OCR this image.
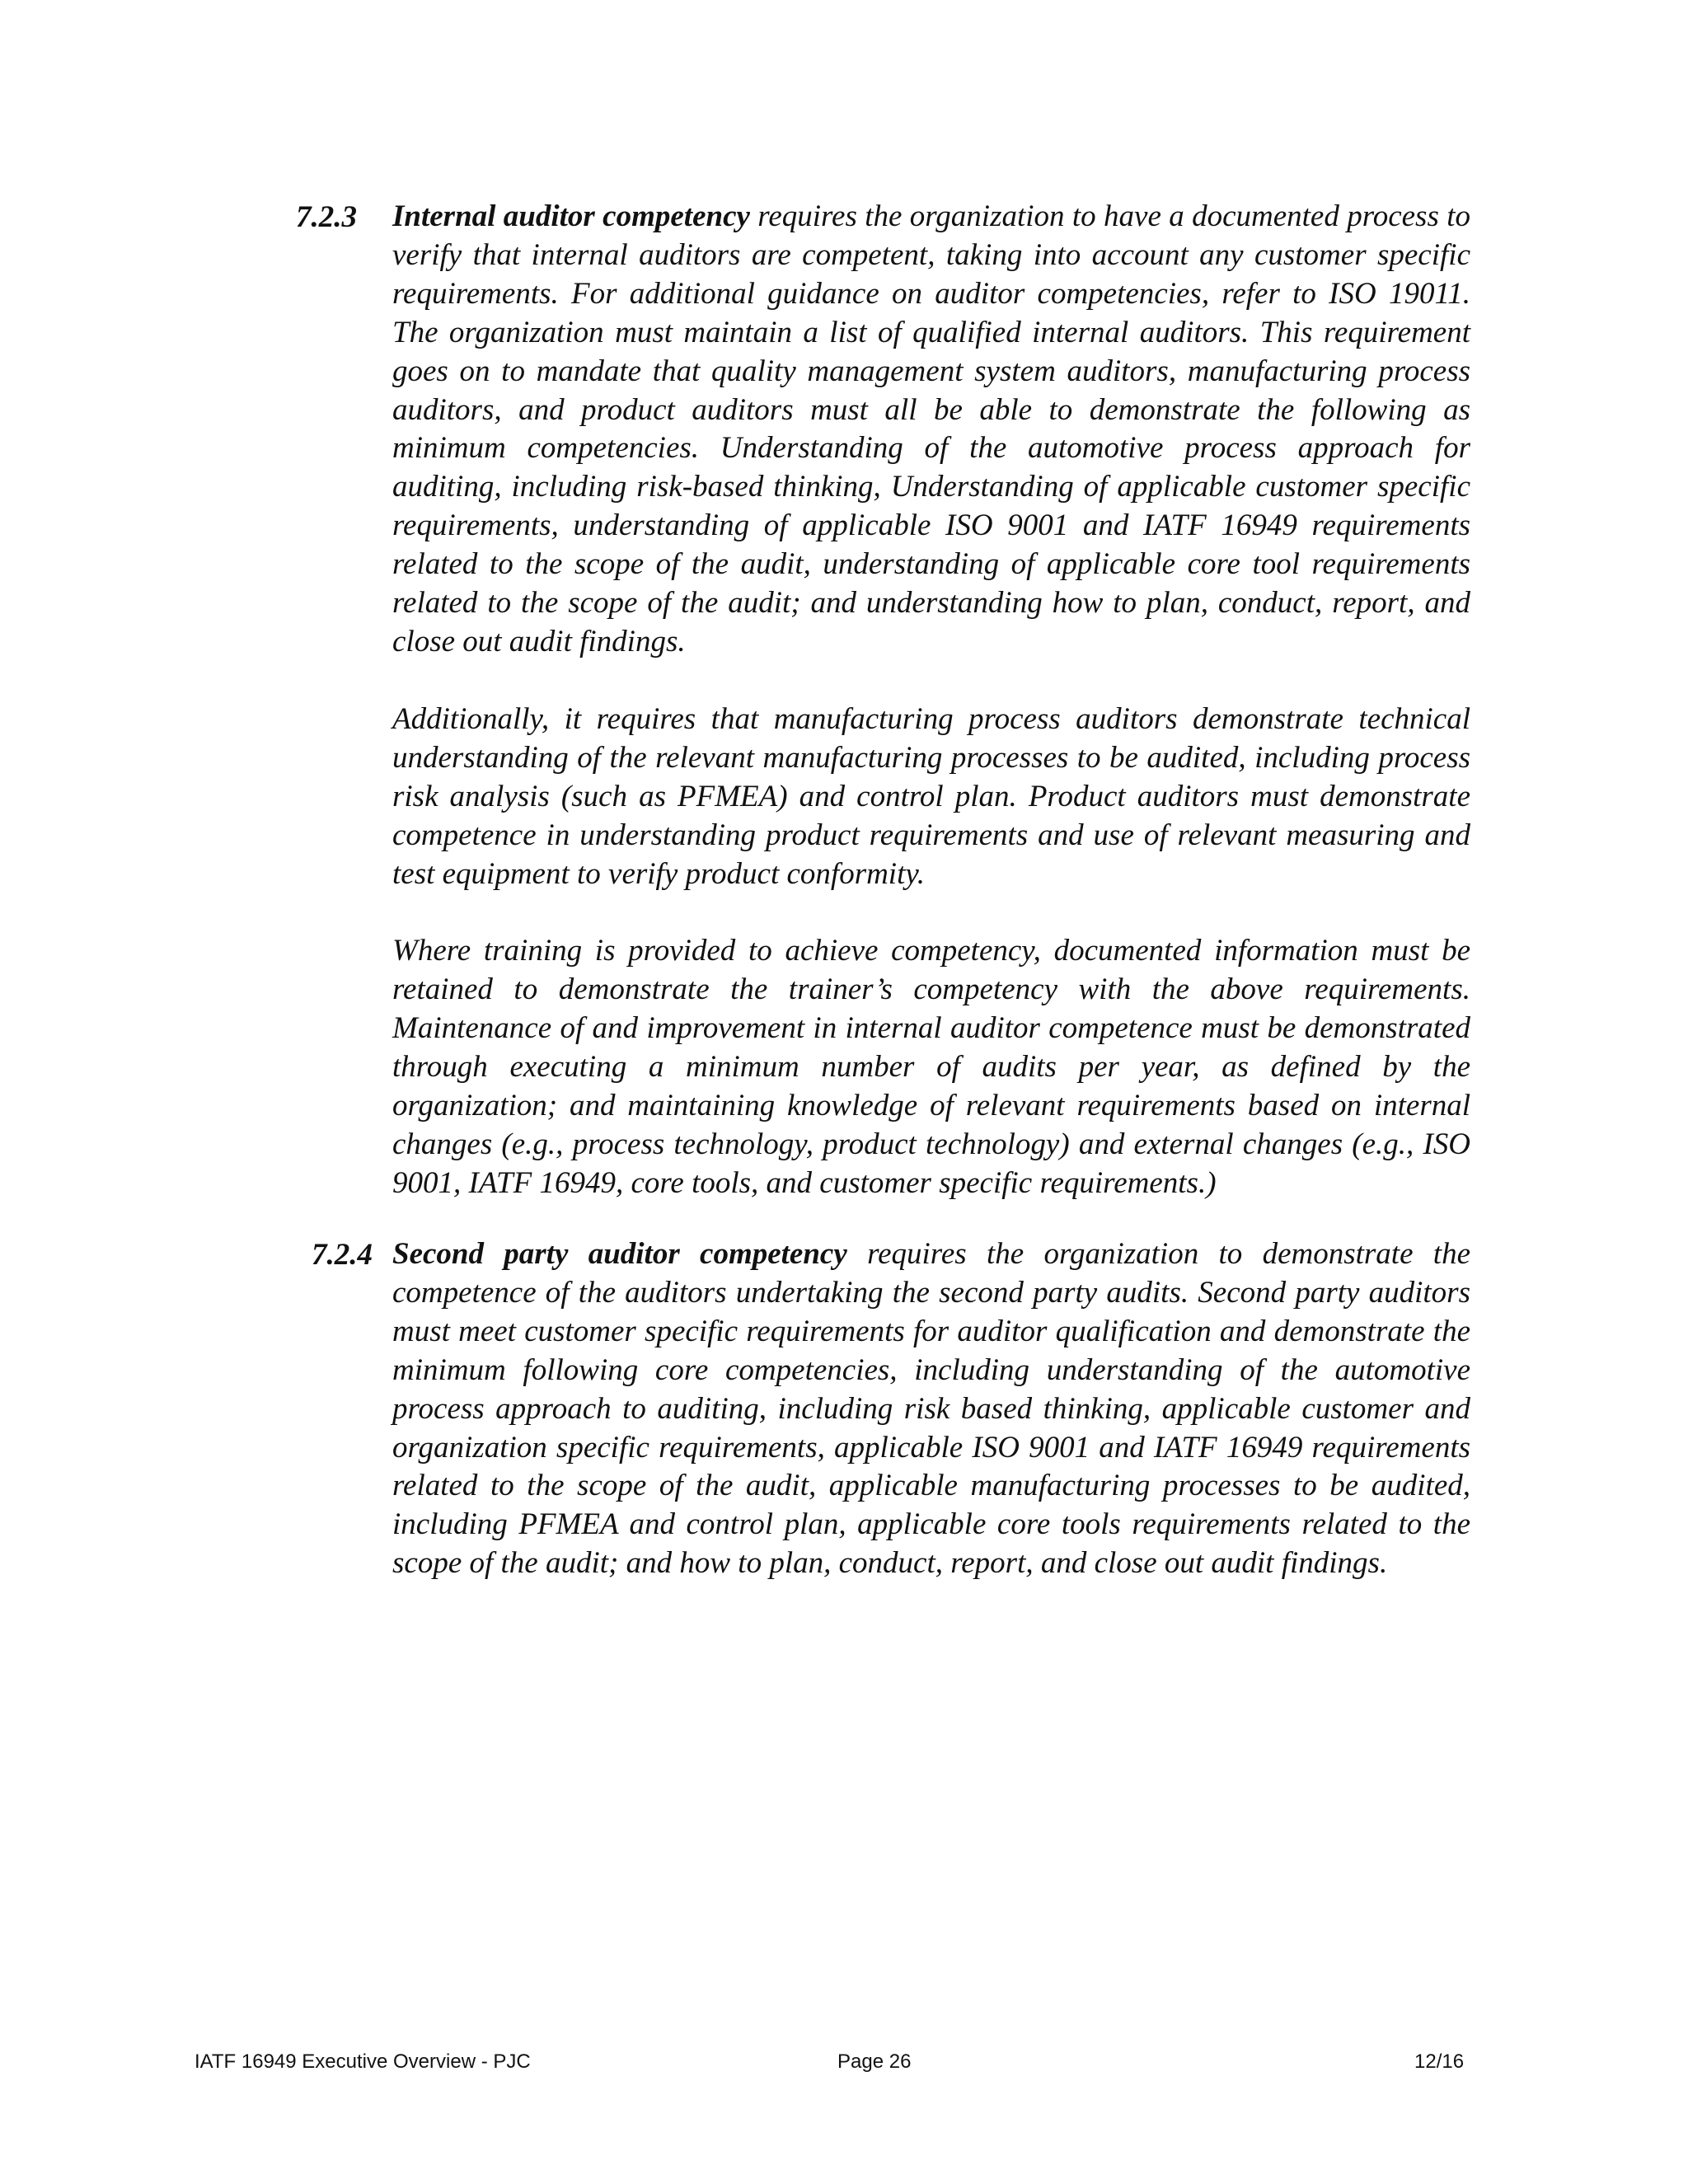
7.2.3 Internal auditor competency requires the organization to have a documented process to verify that internal auditors are competent, taking into account any customer specific requirements. For additional guidance on auditor competencies, refer to ISO 19011. The organization must maintain a list of qualified internal auditors. This requirement goes on to mandate that quality management system auditors, manufacturing process auditors, and product auditors must all be able to demonstrate the following as minimum competencies. Understanding of the automotive process approach for auditing, including risk-based thinking, Understanding of applicable customer specific requirements, understanding of applicable ISO 9001 and IATF 16949 requirements related to the scope of the audit, understanding of applicable core tool requirements related to the scope of the audit; and understanding how to plan, conduct, report, and close out audit findings.

Additionally, it requires that manufacturing process auditors demonstrate technical understanding of the relevant manufacturing processes to be audited, including process risk analysis (such as PFMEA) and control plan. Product auditors must demonstrate competence in understanding product requirements and use of relevant measuring and test equipment to verify product conformity.

Where training is provided to achieve competency, documented information must be retained to demonstrate the trainer’s competency with the above requirements. Maintenance of and improvement in internal auditor competence must be demonstrated through executing a minimum number of audits per year, as defined by the organization; and maintaining knowledge of relevant requirements based on internal changes (e.g., process technology, product technology) and external changes (e.g., ISO 9001, IATF 16949, core tools, and customer specific requirements.)

7.2.4 Second party auditor competency requires the organization to demonstrate the competence of the auditors undertaking the second party audits. Second party auditors must meet customer specific requirements for auditor qualification and demonstrate the minimum following core competencies, including understanding of the automotive process approach to auditing, including risk based thinking, applicable customer and organization specific requirements, applicable ISO 9001 and IATF 16949 requirements related to the scope of the audit, applicable manufacturing processes to be audited, including PFMEA and control plan, applicable core tools requirements related to the scope of the audit; and how to plan, conduct, report, and close out audit findings.

IATF 16949 Executive Overview - PJC	Page 26	12/16
